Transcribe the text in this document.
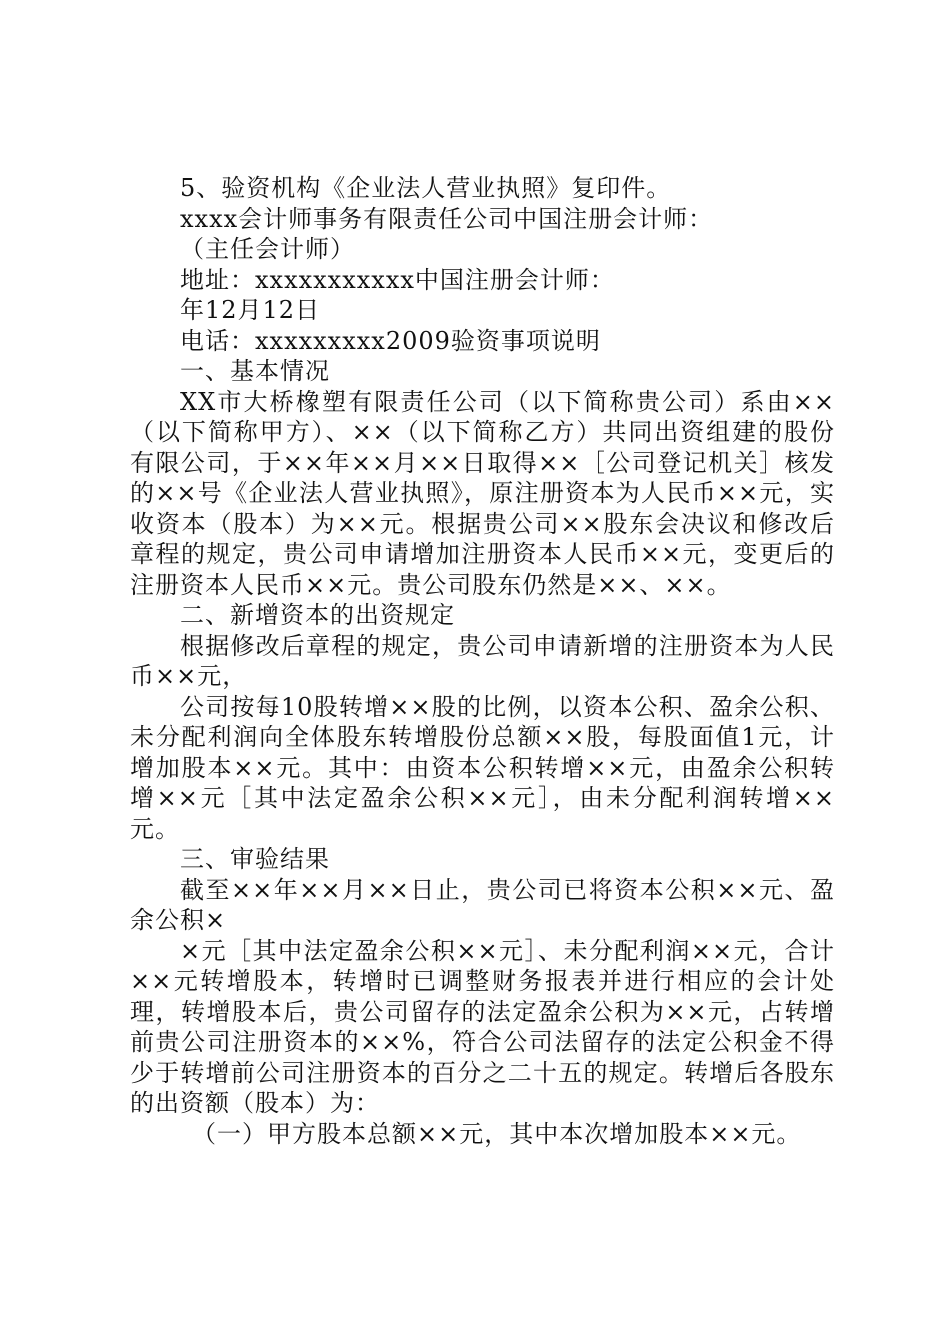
5、验资机构《企业法人营业执照》复印件。

xxxx会计师事务有限责任公司中国注册会计师：

（主任会计师）

地址：xxxxxxxxxxx中国注册会计师：

年12月12日

电话：xxxxxxxxx2009验资事项说明

一、基本情况

XX市大桥橡塑有限责任公司（以下简称贵公司）系由××（以下简称甲方）、××（以下简称乙方）共同出资组建的股份有限公司，于××年××月××日取得××［公司登记机关］核发的××号《企业法人营业执照》，原注册资本为人民币××元，实收资本（股本）为××元。根据贵公司××股东会决议和修改后章程的规定，贵公司申请增加注册资本人民币××元，变更后的注册资本人民币××元。贵公司股东仍然是××、××。

二、新增资本的出资规定

根据修改后章程的规定，贵公司申请新增的注册资本为人民币××元，

公司按每10股转增××股的比例，以资本公积、盈余公积、未分配利润向全体股东转增股份总额××股，每股面值1元，计增加股本××元。其中：由资本公积转增××元，由盈余公积转增××元［其中法定盈余公积××元］，由未分配利润转增××元。

三、审验结果

截至××年××月××日止，贵公司已将资本公积××元、盈余公积×

×元［其中法定盈余公积××元］、未分配利润××元，合计××元转增股本，转增时已调整财务报表并进行相应的会计处理，转增股本后，贵公司留存的法定盈余公积为××元，占转增前贵公司注册资本的××%，符合公司法留存的法定公积金不得少于转增前公司注册资本的百分之二十五的规定。转增后各股东的出资额（股本）为：

（一）甲方股本总额××元，其中本次增加股本××元。
